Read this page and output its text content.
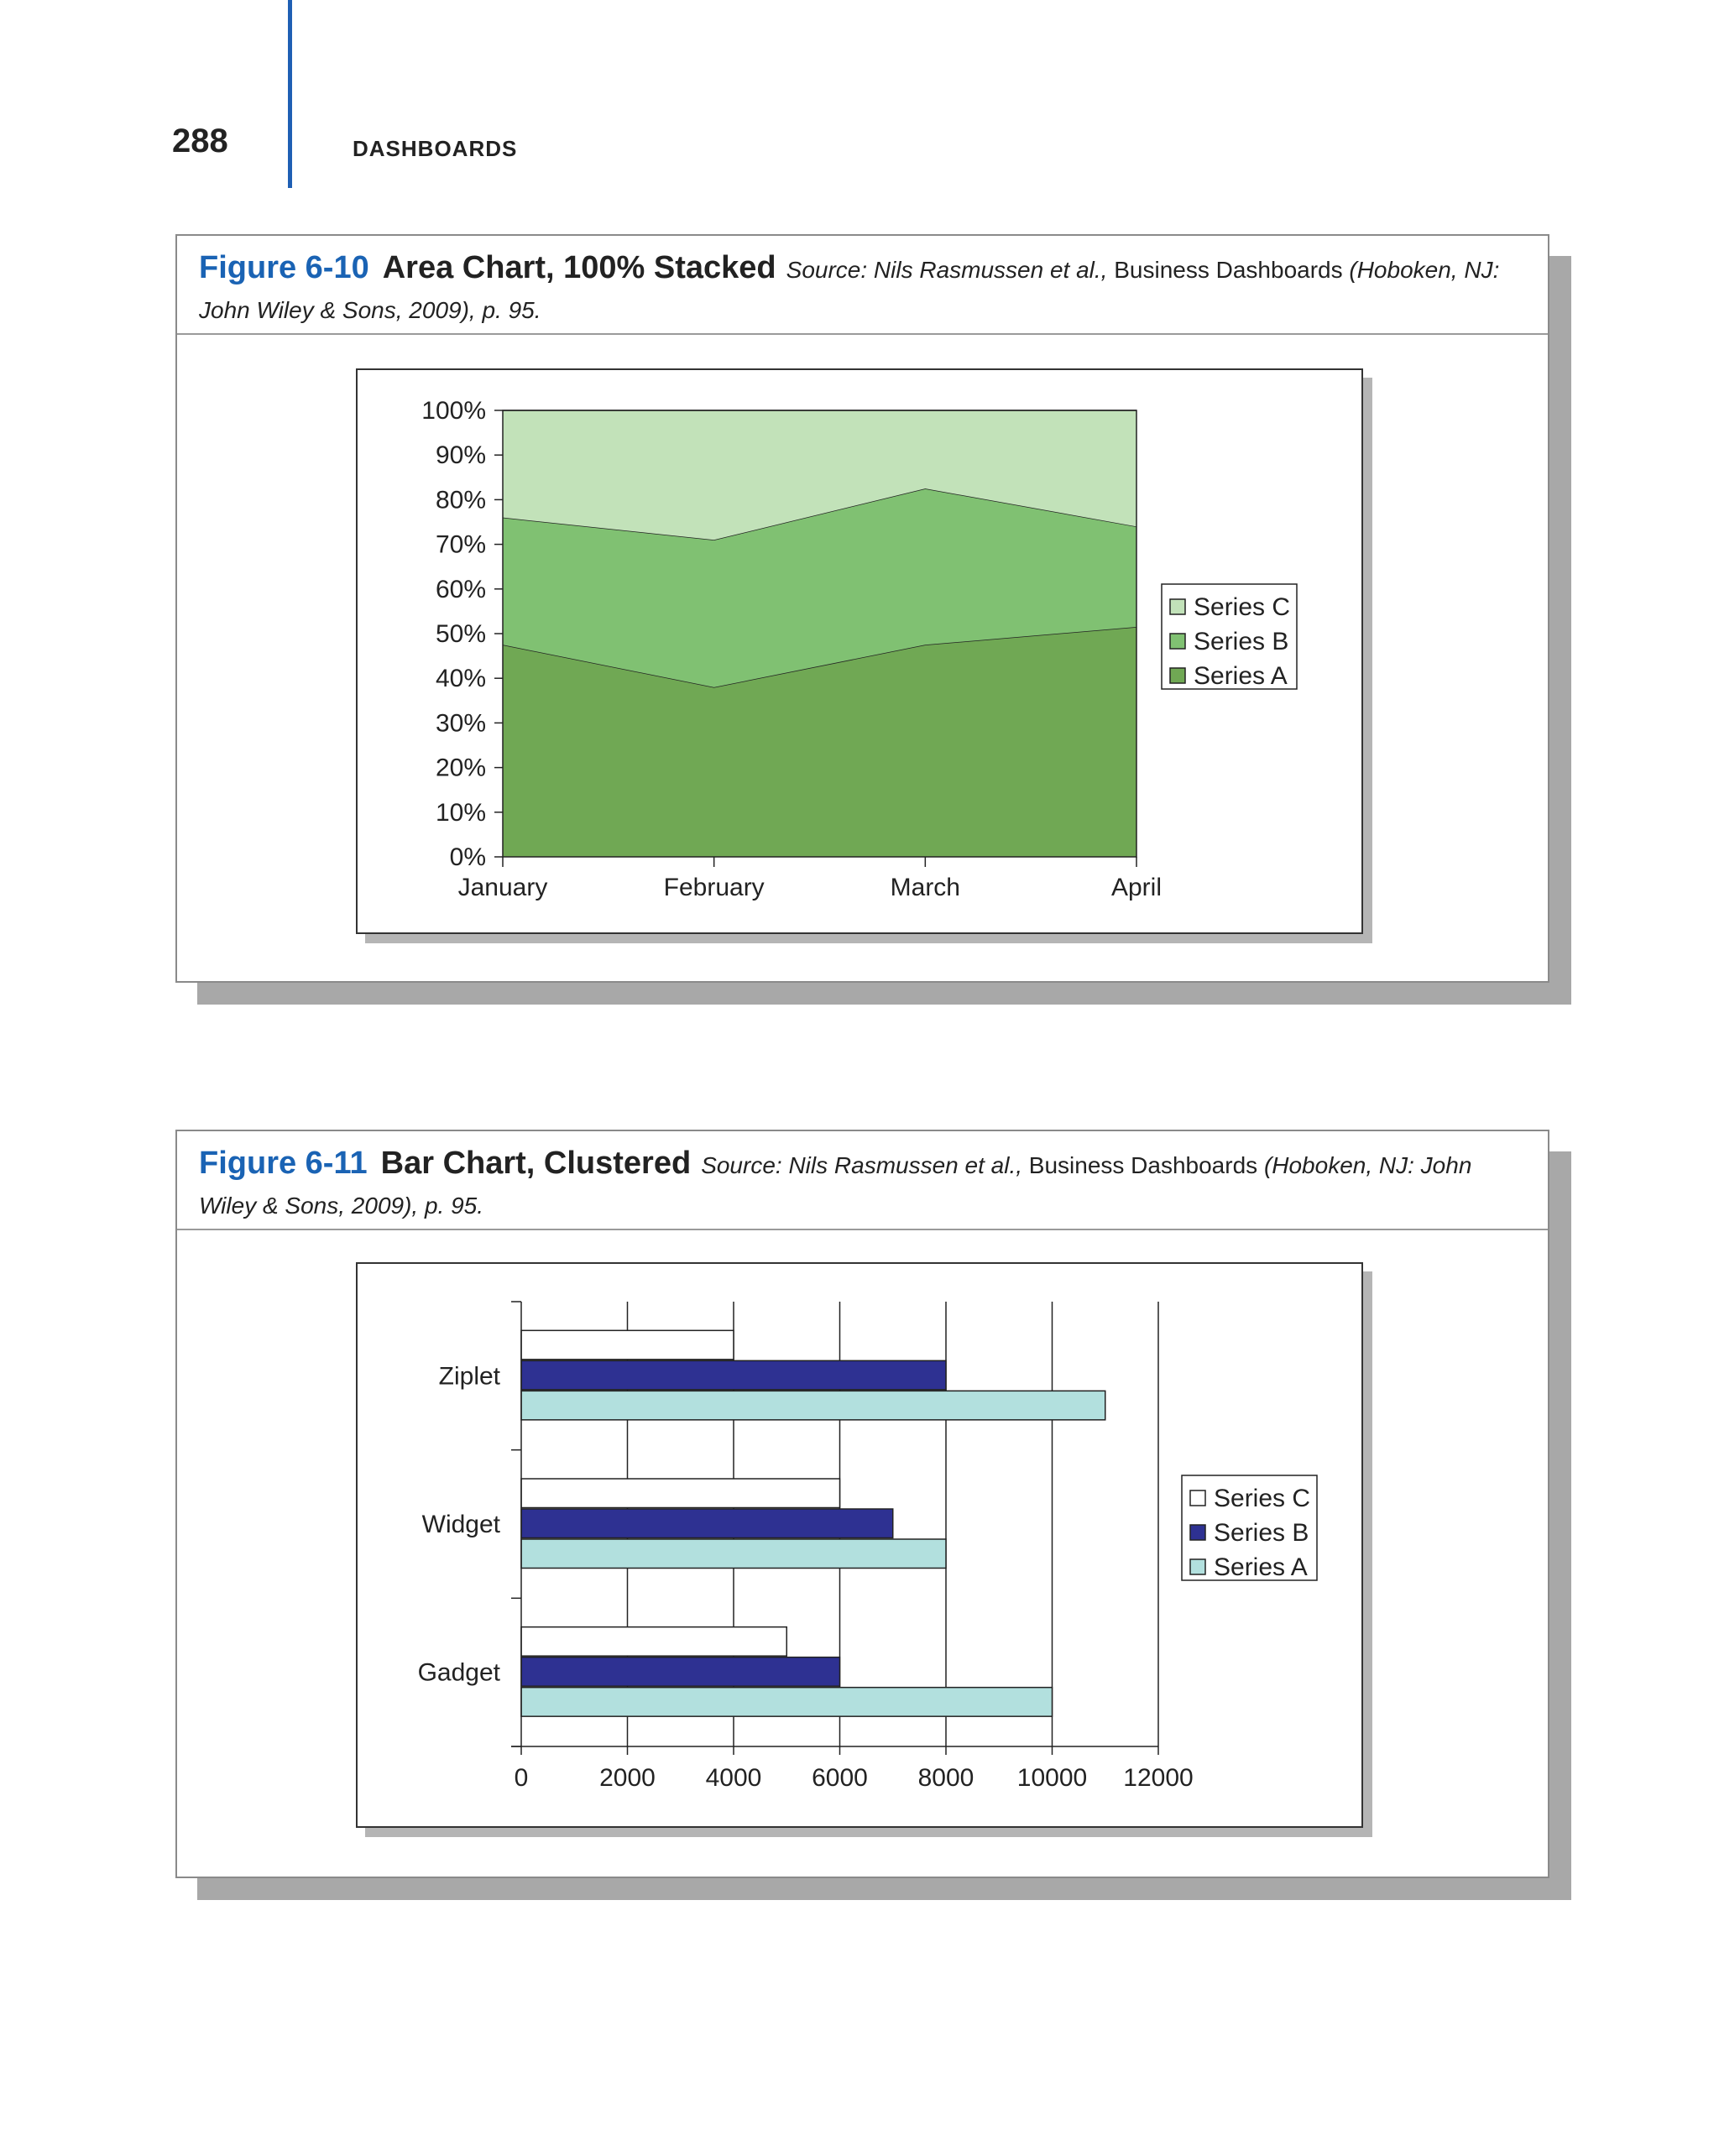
288	DASHBOARDS
Figure 6-10 Area Chart, 100% Stacked Source: Nils Rasmussen et al., Business Dashboards (Hoboken, NJ: John Wiley & Sons, 2009), p. 95.
0%
10%
20%
30%
40%
50%
60%
70%
80%
90%
100%
January	February	March	April
Series C
Series B
Series A
Figure 6-11 Bar Chart, Clustered Source: Nils Rasmussen et al., Business Dashboards (Hoboken, NJ: John Wiley & Sons, 2009), p. 95.
Ziplet
Widget
Gadget
0	2000 4000 6000 8000 10000 12000
Series C
Series B
Series A
